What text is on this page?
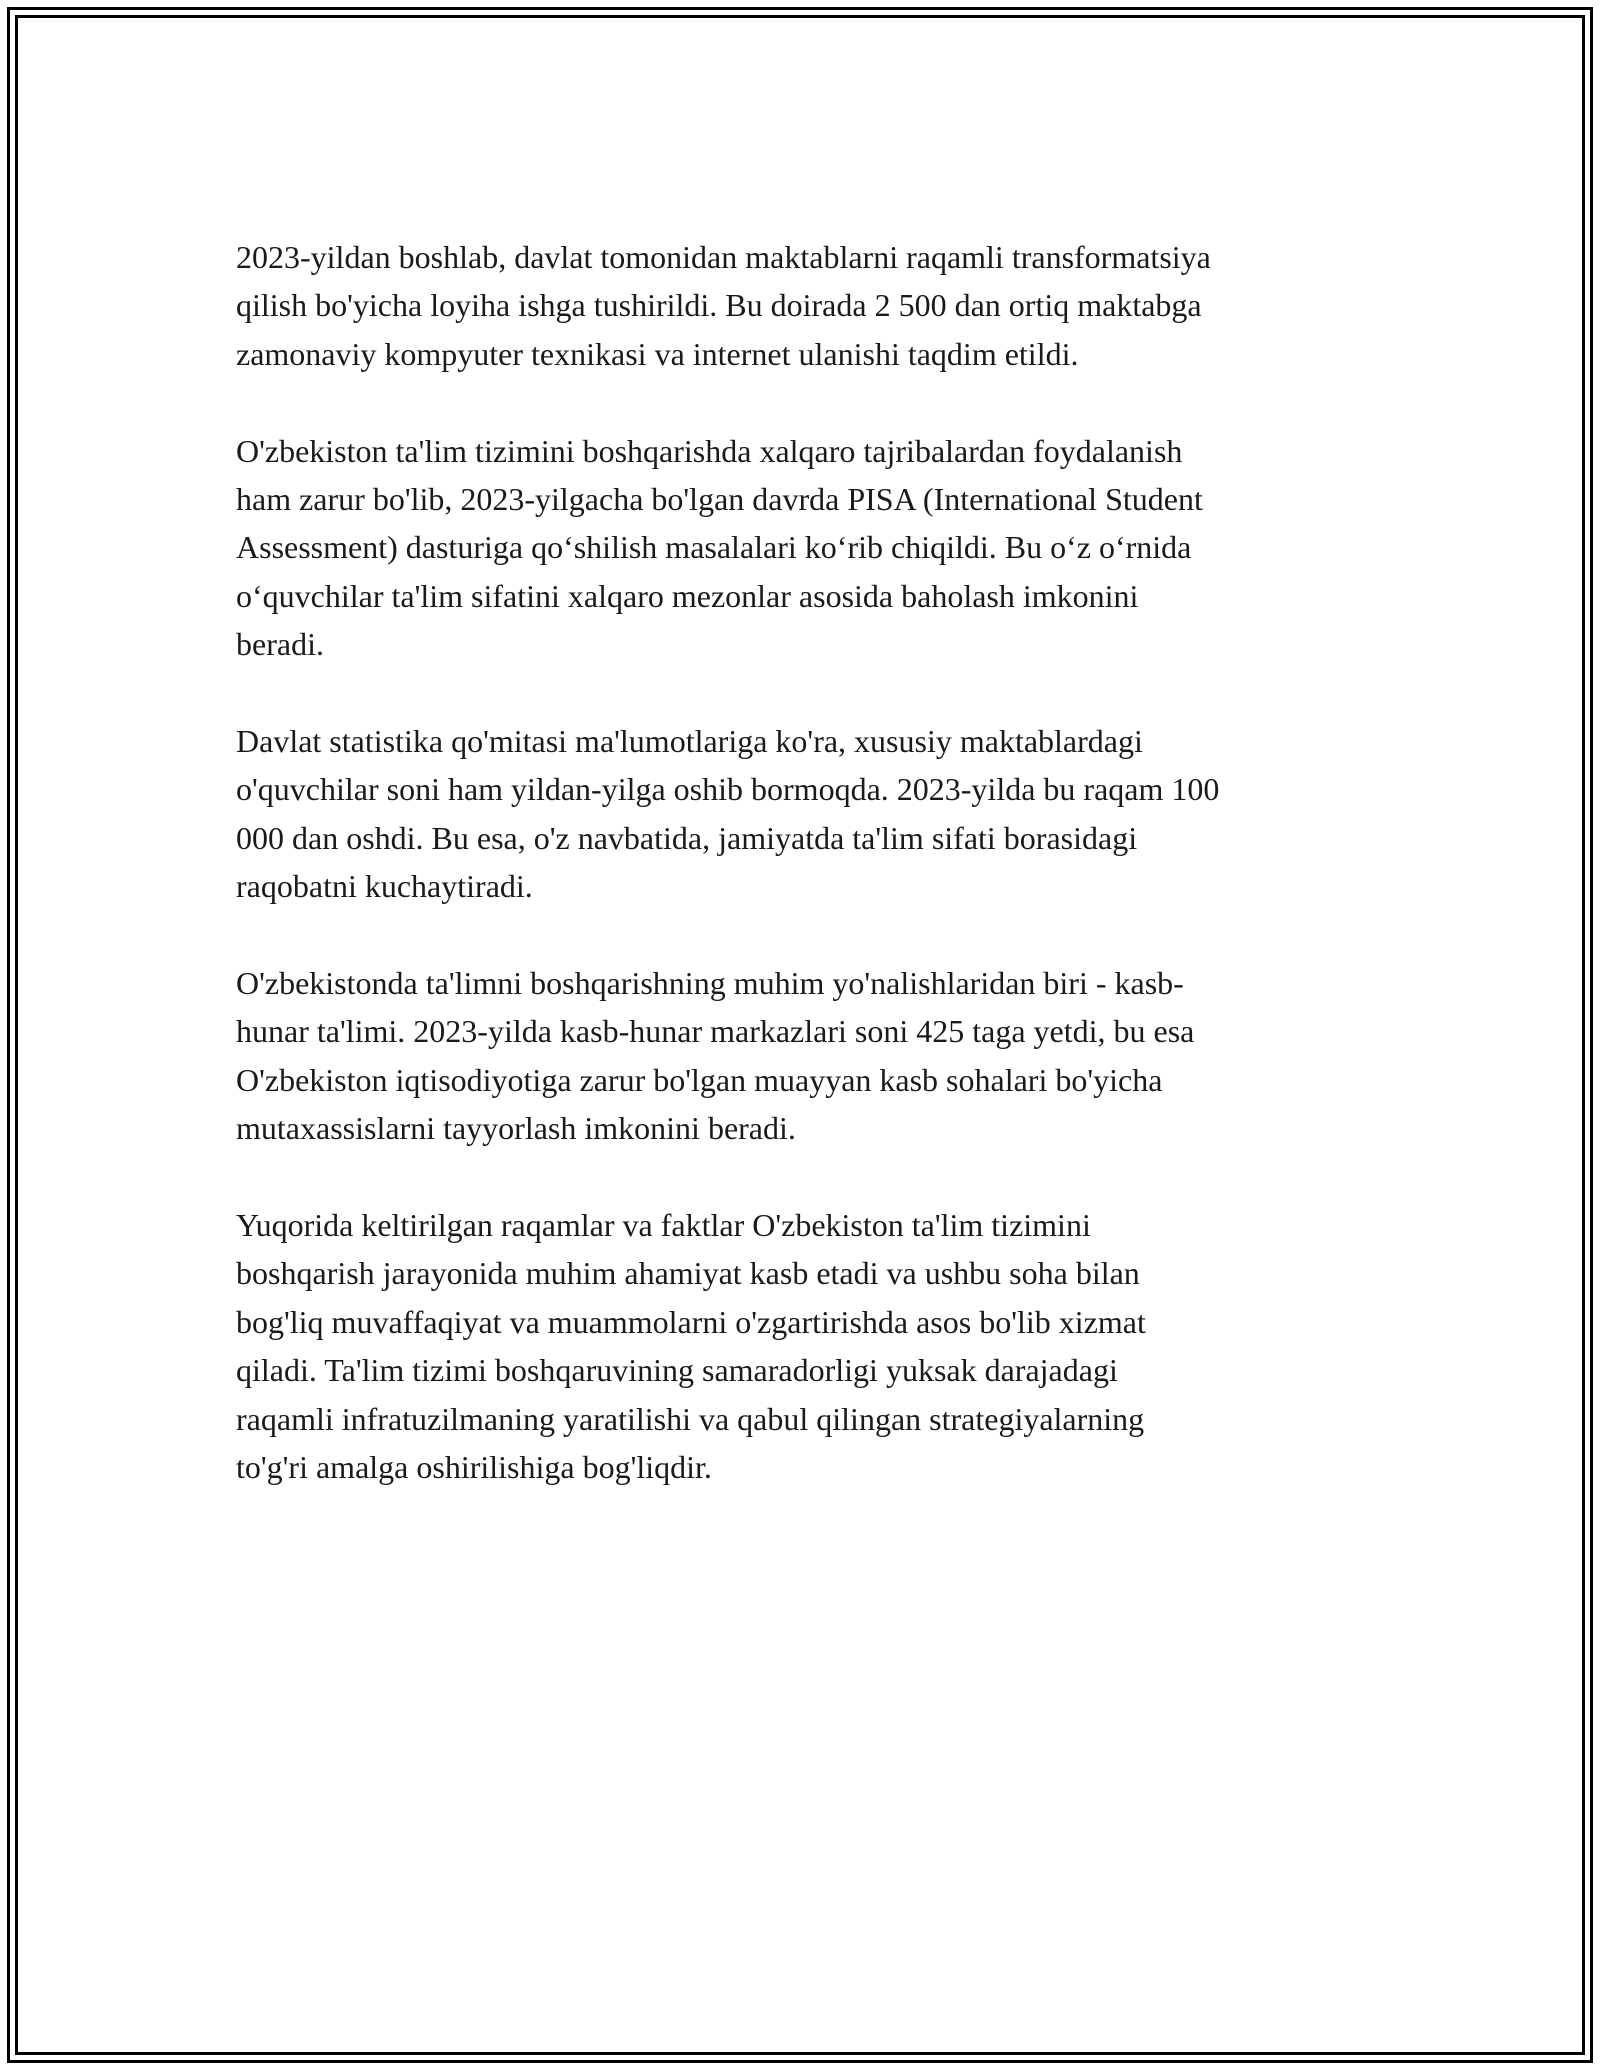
2023-yildan boshlab, davlat tomonidan maktablarni raqamli transformatsiya
qilish bo'yicha loyiha ishga tushirildi. Bu doirada 2 500 dan ortiq maktabga
zamonaviy kompyuter texnikasi va internet ulanishi taqdim etildi.

O'zbekiston ta'lim tizimini boshqarishda xalqaro tajribalardan foydalanish
ham zarur bo'lib, 2023-yilgacha bo'lgan davrda PISA (International Student
Assessment) dasturiga qoʻshilish masalalari koʻrib chiqildi. Bu oʻz oʻrnida
oʻquvchilar ta'lim sifatini xalqaro mezonlar asosida baholash imkonini
beradi.

Davlat statistika qo'mitasi ma'lumotlariga ko'ra, xususiy maktablardagi
o'quvchilar soni ham yildan-yilga oshib bormoqda. 2023-yilda bu raqam 100
000 dan oshdi. Bu esa, o'z navbatida, jamiyatda ta'lim sifati borasidagi
raqobatni kuchaytiradi.

O'zbekistonda ta'limni boshqarishning muhim yo'nalishlaridan biri - kasb-
hunar ta'limi. 2023-yilda kasb-hunar markazlari soni 425 taga yetdi, bu esa
O'zbekiston iqtisodiyotiga zarur bo'lgan muayyan kasb sohalari bo'yicha
mutaxassislarni tayyorlash imkonini beradi.

Yuqorida keltirilgan raqamlar va faktlar O'zbekiston ta'lim tizimini
boshqarish jarayonida muhim ahamiyat kasb etadi va ushbu soha bilan
bog'liq muvaffaqiyat va muammolarni o'zgartirishda asos bo'lib xizmat
qiladi. Ta'lim tizimi boshqaruvining samaradorligi yuksak darajadagi
raqamli infratuzilmaning yaratilishi va qabul qilingan strategiyalarning
to'g'ri amalga oshirilishiga bog'liqdir.
